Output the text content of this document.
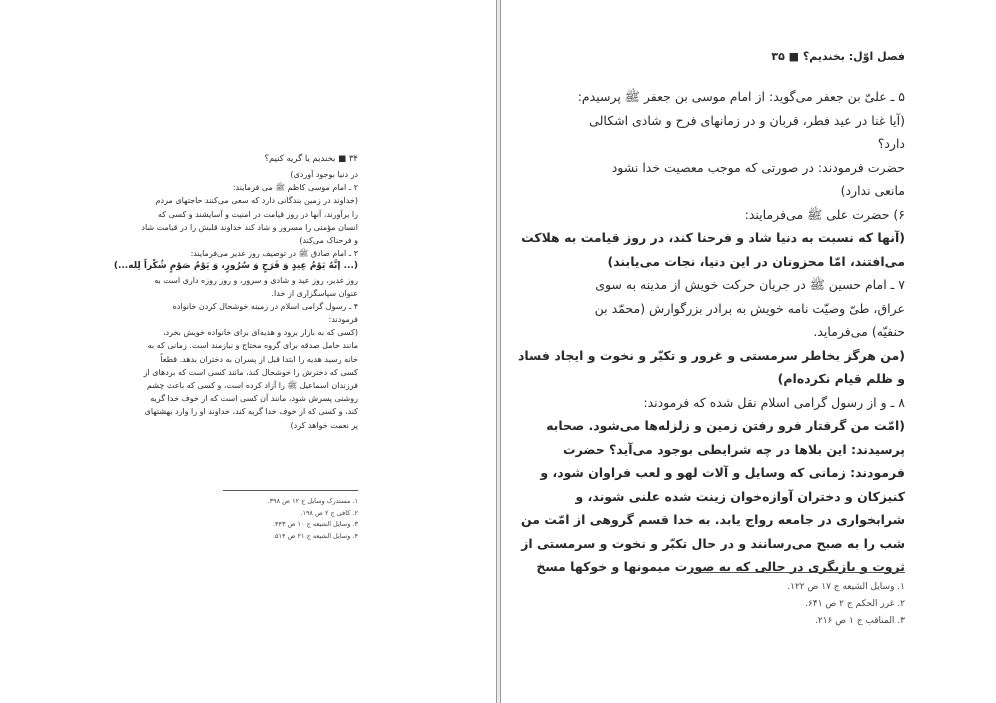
۳۴ ■ بخندیم یا گریه کنیم؟
در دنیا بوجود آوردی)
۲ ـ امام موسی کاظم ﷺ می فرمایند:
(خداوند در زمین بندگانی دارد که سعی می‌کنند حاجتهای مردم
را برآورند، آنها در روز قیامت در امنیت و آسایشند و کسی که
انسان مؤمنی را مسرور و شاد کند خداوند قلبش را در قیامت شاد
و فرحناک می‌کند)
۳ ـ امام صادق ﷺ در توصیف روز غدیر می‌فرمایند:
(... إنَّهُ یَوْمُ عِیدٍ وَ فَرَحٍ وَ سُرُورٍ، وَ یَوْمُ صَوْمٍ شُکْراً لِله...)
روز غدیر، روز عید و شادی و سرور، و روز روزه داری است به
عنوان سپاسگزاری از خدا.
۴ ـ رسول گرامی اسلام در زمینه خوشحال کردن خانواده
فرمودند:
(کسی که به بازار برود و هدیه‌ای برای خانواده خویش بخرد،
مانند حامل صدقه برای گروه محتاج و نیازمند است. زمانی که به
خانه رسید هدیه را ابتدا قبل از پسران به دختران بدهد. قطعاً
کسی که دخترش را خوشحال کند، مانند کسی است که بردهای از
فرزندان اسماعیل ﷺ را آزاد کرده است، و کسی که باعث چشم
روشنی پسرش شود، مانند آن کسی است که از خوف خدا گریه
کند، و کسی که از خوف خدا گریه کند، خداوند او را وارد بهشتهای
پر نعمت خواهد کرد)
۱. مستدرک وسایل ج ۱۲ ص ۳۹۸.
۲. کافی ج ۲ ص ۱۹۸.
۳. وسایل الشیعه ج ۱۰ ص ۴۴۳.
۴. وسایل الشیعه ج ۲۱ ص ۵۱۴.
فصل اوّل: بخندیم؟ ■ ۳۵
۵ ـ علیّ بن جعفر می‌گوید: از امام موسی بن جعفر ﷺ پرسیدم:
(آیا غنا در عید فطر، قربان و در زمانهای فرح و شادی اشکالی
دارد؟
حضرت فرمودند: در صورتی که موجب معصیت خدا نشود
مانعی ندارد)
۶) حضرت علی ﷺ می‌فرمایند:
(آنها که نسبت به دنیا شاد و فرحنا کند، در روز قیامت به هلاکت
می‌افتند، امّا محزونان در این دنیا، نجات می‌یابند)
۷ ـ امام حسین ﷺ در جریان حرکت خویش از مدینه به سوی
عراق، طیّ وصیّت نامه خویش به برادر بزرگوارش (محمّد بن
حنفیّه) می‌فرماید.
(من هرگز بخاطر سرمستی و غرور و تکبّر و نخوت و ایجاد فساد
و ظلم قیام نکرده‌ام)
۸ ـ و از رسول گرامی اسلام نقل شده که فرمودند:
(امّت من گرفتار فرو رفتن زمین و زلزله‌ها می‌شود. صحابه
پرسیدند: این بلاها در چه شرایطی بوجود می‌آید؟ حضرت
فرمودند: زمانی که وسایل و آلات لهو و لعب فراوان شود، و
کنیزکان و دختران آوازه‌خوان زینت شده علنی شوند، و
شرابخواری در جامعه رواج یابد. به خدا قسم گروهی از امّت من
شب را به صبح می‌رسانند و در حال تکبّر و نخوت و سرمستی از
ثروت و بازیگری در حالی که به صورت میمونها و خوکها مسخ
۱. وسایل الشیعه ج ۱۷ ص ۱۲۲.
۲. غرر الحکم ج ۲ ص ۶۴۱.
۳. المناقب ج ۱ ص ۲۱۶.
